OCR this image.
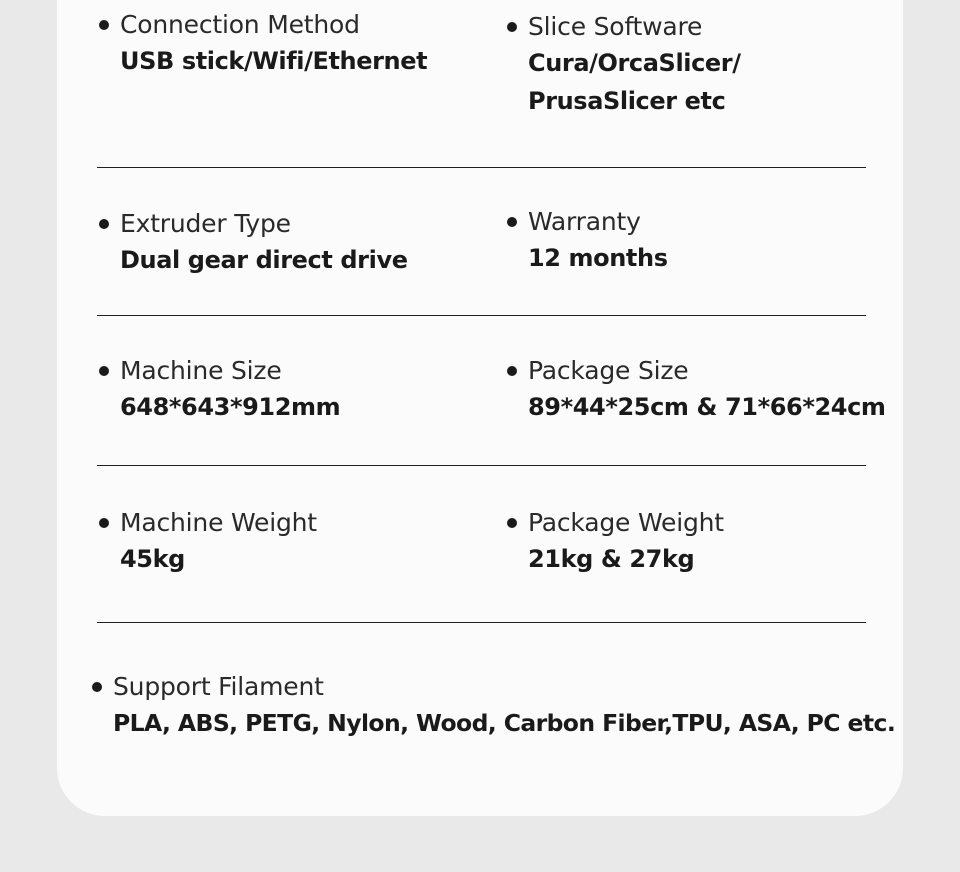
Connection Method
USB stick/Wifi/Ethernet
Slice Software
Cura/OrcaSlicer/
PrusaSlicer etc
Extruder Type
Dual gear direct drive
Warranty
12 months
Machine Size
648*643*912mm
Package Size
89*44*25cm & 71*66*24cm
Machine Weight
45kg
Package Weight
21kg & 27kg
Support Filament
PLA, ABS, PETG, Nylon, Wood, Carbon Fiber,TPU, ASA, PC etc.
